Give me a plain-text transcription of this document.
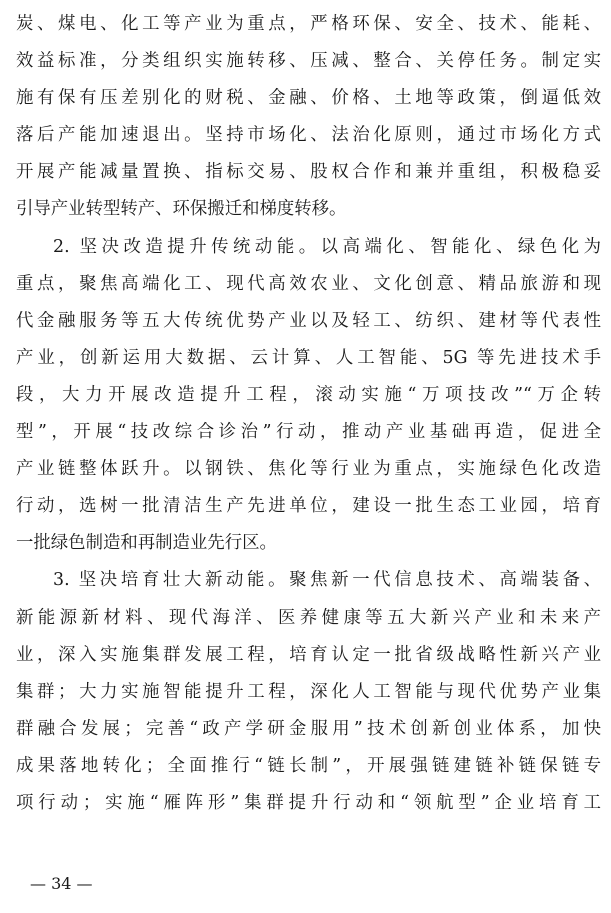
炭、煤电、化工等产业为重点，严格环保、安全、技术、能耗、
效益标准，分类组织实施转移、压减、整合、关停任务。制定实
施有保有压差别化的财税、金融、价格、土地等政策，倒逼低效
落后产能加速退出。坚持市场化、法治化原则，通过市场化方式
开展产能减量置换、指标交易、股权合作和兼并重组，积极稳妥
引导产业转型转产、环保搬迁和梯度转移。
2. 坚决改造提升传统动能。以高端化、智能化、绿色化为
重点，聚焦高端化工、现代高效农业、文化创意、精品旅游和现
代金融服务等五大传统优势产业以及轻工、纺织、建材等代表性
产业，创新运用大数据、云计算、人工智能、5G 等先进技术手
段，大力开展改造提升工程，滚动实施“万项技改”“万企转
型”，开展“技改综合诊治”行动，推动产业基础再造，促进全
产业链整体跃升。以钢铁、焦化等行业为重点，实施绿色化改造
行动，选树一批清洁生产先进单位，建设一批生态工业园，培育
一批绿色制造和再制造业先行区。
3. 坚决培育壮大新动能。聚焦新一代信息技术、高端装备、
新能源新材料、现代海洋、医养健康等五大新兴产业和未来产
业，深入实施集群发展工程，培育认定一批省级战略性新兴产业
集群；大力实施智能提升工程，深化人工智能与现代优势产业集
群融合发展；完善“政产学研金服用”技术创新创业体系，加快
成果落地转化；全面推行“链长制”，开展强链建链补链保链专
项行动；实施“雁阵形”集群提升行动和“领航型”企业培育工
— 34 —
